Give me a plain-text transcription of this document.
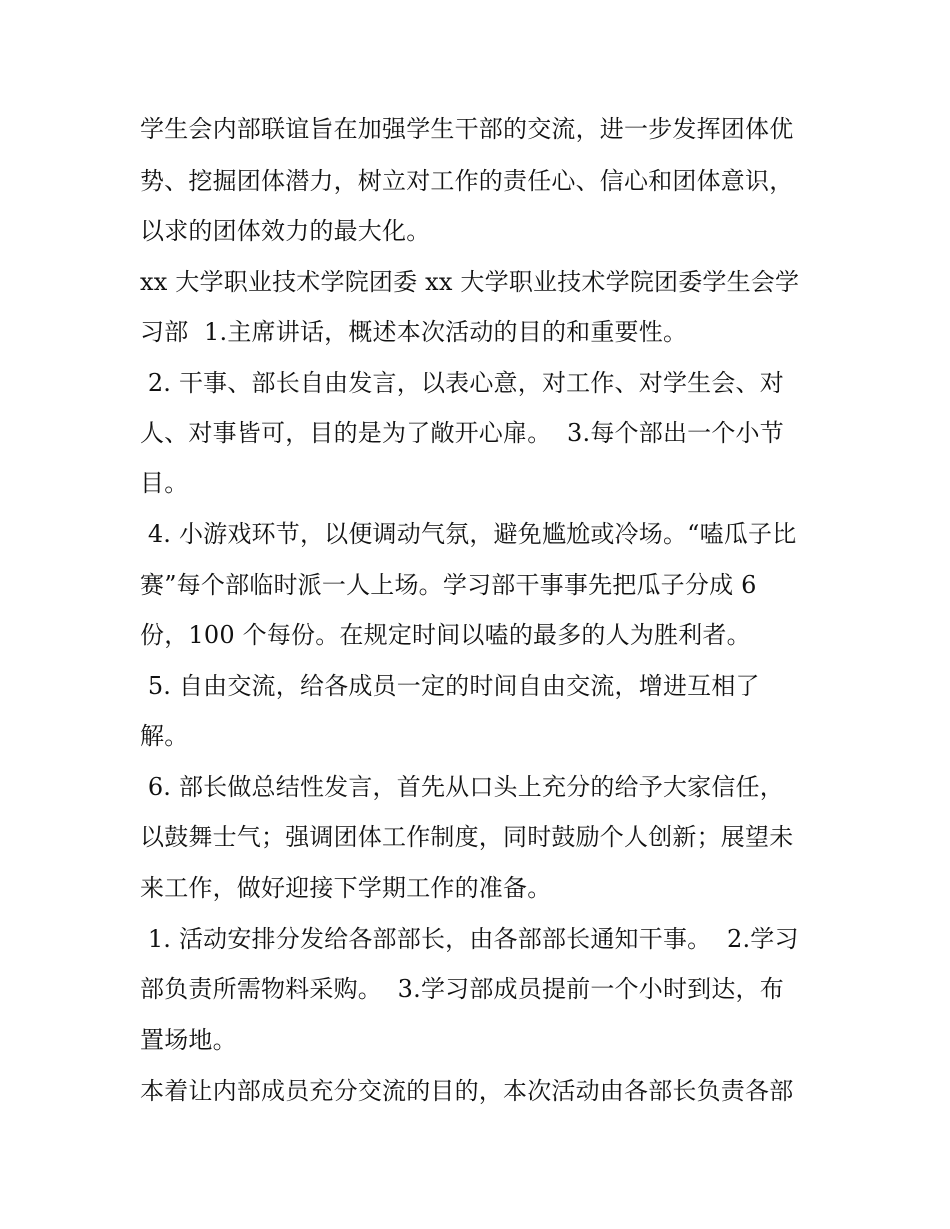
学生会内部联谊旨在加强学生干部的交流，进一步发挥团体优
势、挖掘团体潜力，树立对工作的责任心、信心和团体意识，
以求的团体效力的最大化。
xx 大学职业技术学院团委 xx 大学职业技术学院团委学生会学
习部  1.主席讲话，概述本次活动的目的和重要性。
2. 干事、部长自由发言，以表心意，对工作、对学生会、对
人、对事皆可，目的是为了敞开心扉。  3.每个部出一个小节
目。
4. 小游戏环节，以便调动气氛，避免尴尬或冷场。“嗑瓜子比
赛”每个部临时派一人上场。学习部干事事先把瓜子分成 6
份，100 个每份。在规定时间以嗑的最多的人为胜利者。
5. 自由交流，给各成员一定的时间自由交流，增进互相了
解。
6. 部长做总结性发言，首先从口头上充分的给予大家信任，
以鼓舞士气；强调团体工作制度，同时鼓励个人创新；展望未
来工作，做好迎接下学期工作的准备。
1. 活动安排分发给各部部长，由各部部长通知干事。  2.学习
部负责所需物料采购。  3.学习部成员提前一个小时到达，布
置场地。
本着让内部成员充分交流的目的，本次活动由各部长负责各部
